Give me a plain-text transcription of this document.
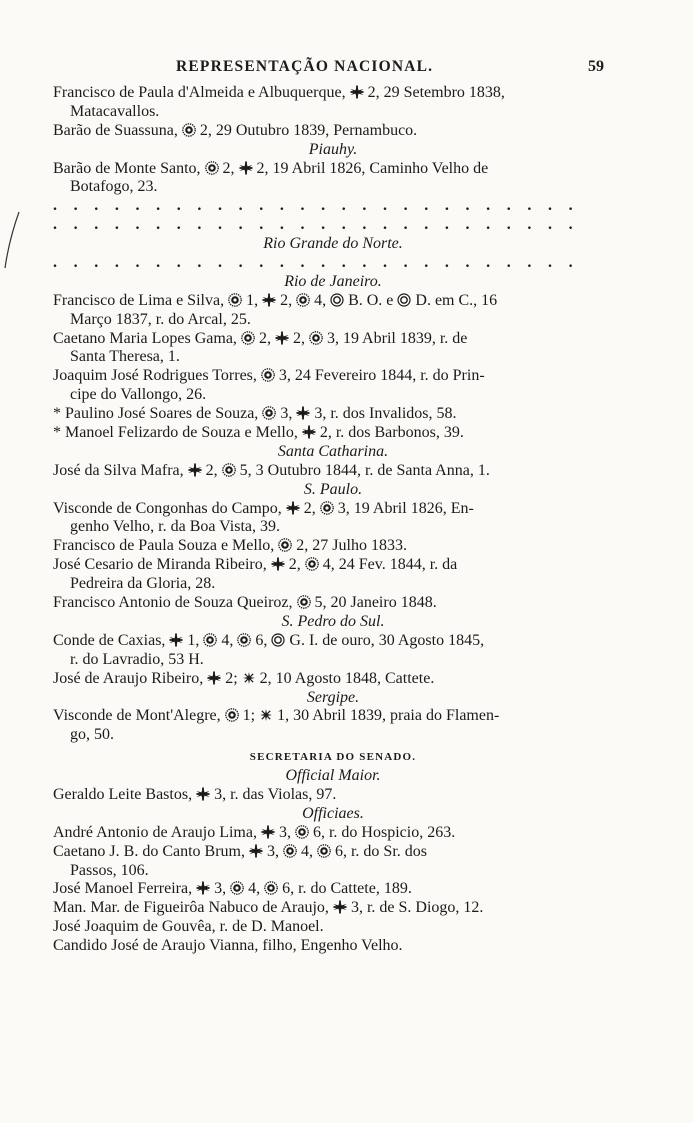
REPRESENTAÇÃO NACIONAL.	59
Francisco de Paula d'Almeida e Albuquerque, 2, 29 Setembro 1838,
Matacavallos.
Barão de Suassuna, 2, 29 Outubro 1839, Pernambuco.
Piauhy.
Barão de Monte Santo, 2, 2, 19 Abril 1826, Caminho Velho de
Botafogo, 23.
. . . . . . . . . . . . . . . . . . . . . . . . . .
. . . . . . . . . . . . . . . . . . . . . . . . . .
Rio Grande do Norte.
. . . . . . . . . . . . . . . . . . . . . . . . . .
Rio de Janeiro.
Francisco de Lima e Silva, 1, 2, 4, B. O. e D. em C., 16
Março 1837, r. do Arcal, 25.
Caetano Maria Lopes Gama, 2, 2, 3, 19 Abril 1839, r. de
Santa Theresa, 1.
Joaquim José Rodrigues Torres, 3, 24 Fevereiro 1844, r. do Prin-
cipe do Vallongo, 26.
* Paulino José Soares de Souza, 3, 3, r. dos Invalidos, 58.
* Manoel Felizardo de Souza e Mello, 2, r. dos Barbonos, 39.
Santa Catharina.
José da Silva Mafra, 2, 5, 3 Outubro 1844, r. de Santa Anna, 1.
S. Paulo.
Visconde de Congonhas do Campo, 2, 3, 19 Abril 1826, En-
genho Velho, r. da Boa Vista, 39.
Francisco de Paula Souza e Mello, 2, 27 Julho 1833.
José Cesario de Miranda Ribeiro, 2, 4, 24 Fev. 1844, r. da
Pedreira da Gloria, 28.
Francisco Antonio de Souza Queiroz, 5, 20 Janeiro 1848.
S. Pedro do Sul.
Conde de Caxias, 1, 4, 6, G. I. de ouro, 30 Agosto 1845,
r. do Lavradio, 53 H.
José de Araujo Ribeiro, 2; 2, 10 Agosto 1848, Cattete.
Sergipe.
Visconde de Mont'Alegre, 1; 1, 30 Abril 1839, praia do Flamen-
go, 50.
SECRETARIA DO SENADO.
Official Maior.
Geraldo Leite Bastos, 3, r. das Violas, 97.
Officiaes.
André Antonio de Araujo Lima, 3, 6, r. do Hospicio, 263.
Caetano J. B. do Canto Brum, 3, 4, 6, r. do Sr. dos
Passos, 106.
José Manoel Ferreira, 3, 4, 6, r. do Cattete, 189.
Man. Mar. de Figueirôa Nabuco de Araujo, 3, r. de S. Diogo, 12.
José Joaquim de Gouvêa, r. de D. Manoel.
Candido José de Araujo Vianna, filho, Engenho Velho.
